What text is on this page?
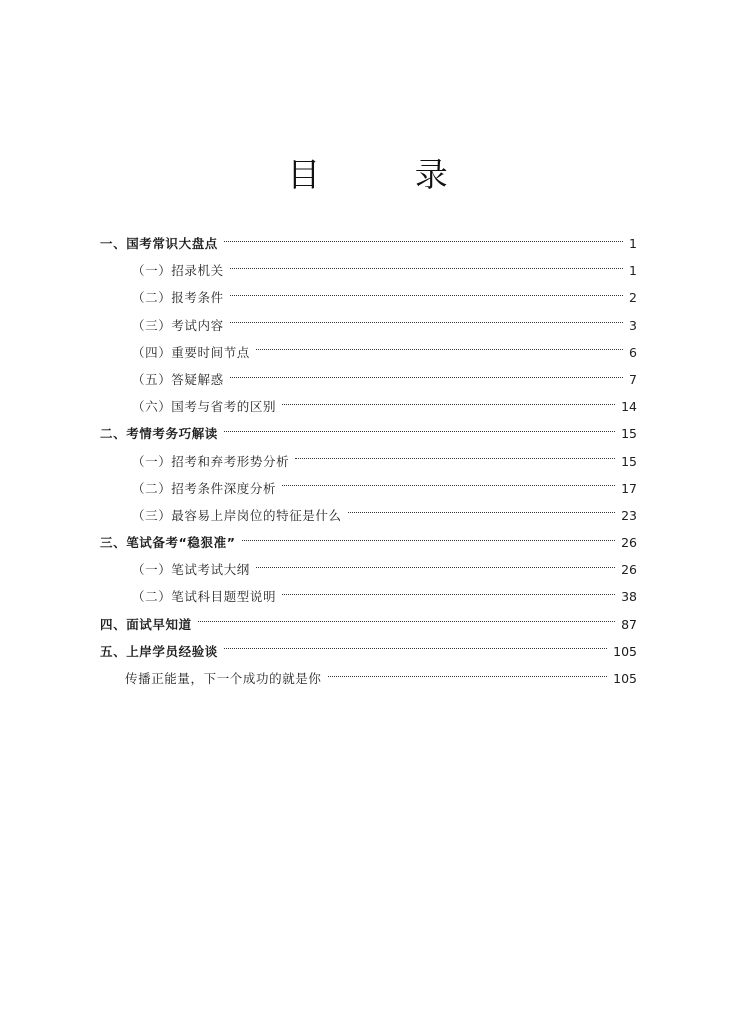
目 录
一、国考常识大盘点	1
（一）招录机关	1
（二）报考条件	2
（三）考试内容	3
（四）重要时间节点	6
（五）答疑解惑	7
（六）国考与省考的区别	14
二、考情考务巧解读	15
（一）招考和弃考形势分析	15
（二）招考条件深度分析	17
（三）最容易上岸岗位的特征是什么	23
三、笔试备考“稳狠准”	26
（一）笔试考试大纲	26
（二）笔试科目题型说明	38
四、面试早知道	87
五、上岸学员经验谈	105
传播正能量，下一个成功的就是你	105
